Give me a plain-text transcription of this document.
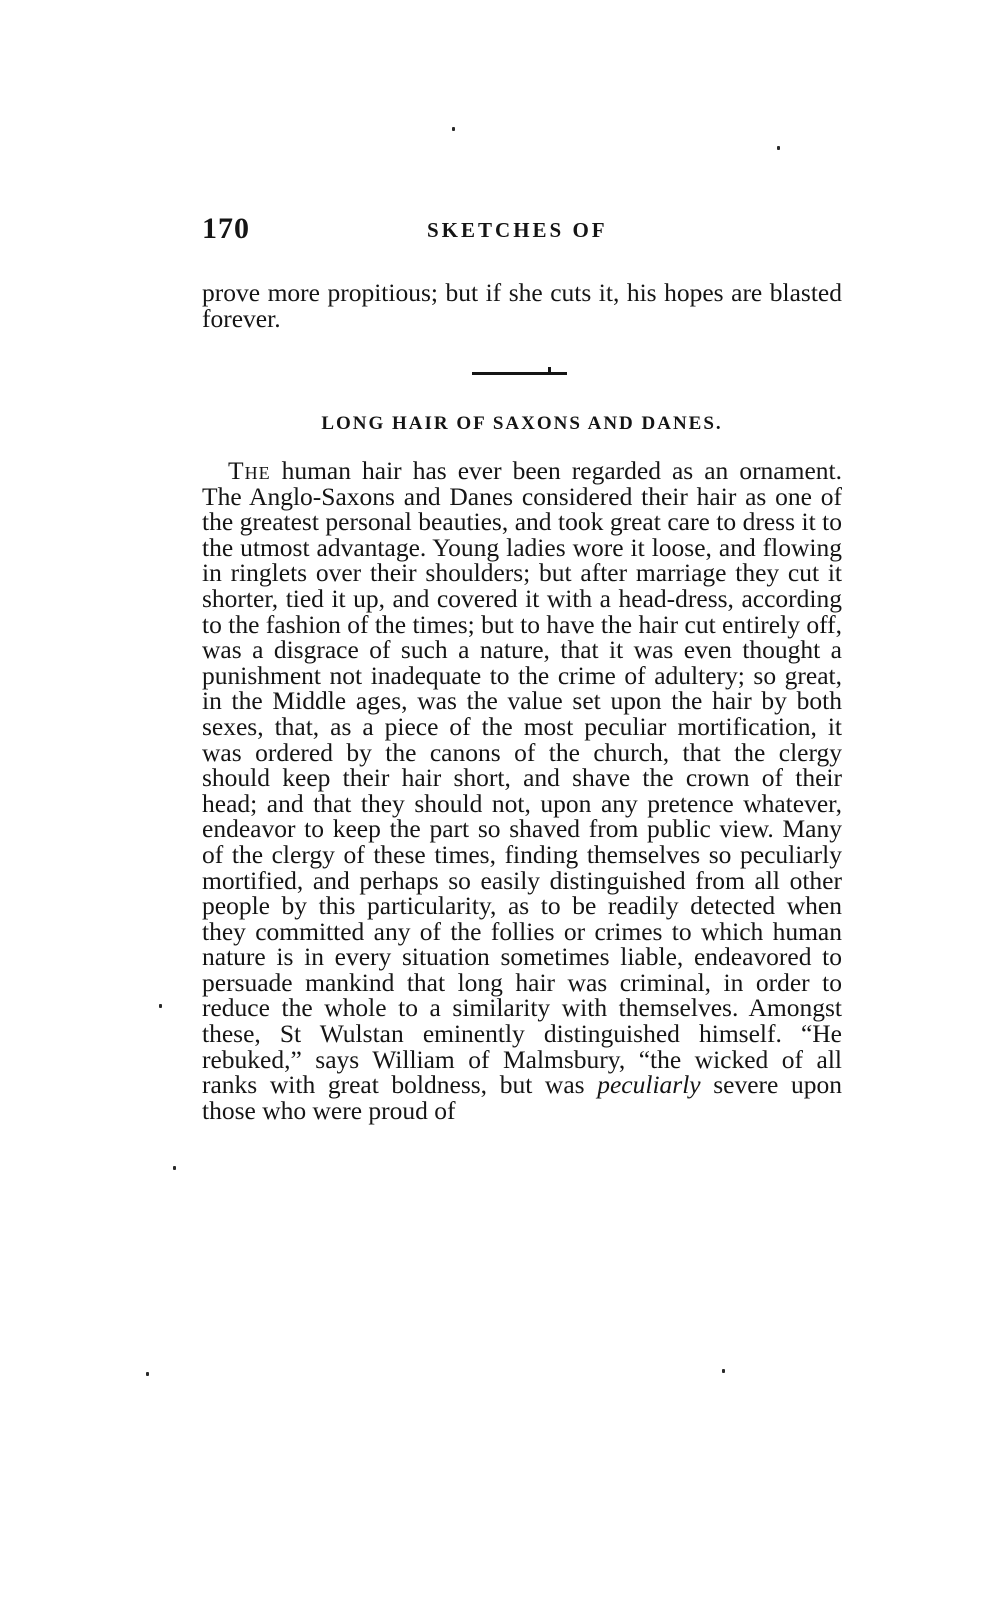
170	SKETCHES OF

prove more propitious; but if she cuts it, his hopes are blasted forever.

LONG HAIR OF SAXONS AND DANES.

The human hair has ever been regarded as an ornament. The Anglo-Saxons and Danes considered their hair as one of the greatest personal beauties, and took great care to dress it to the utmost advantage. Young ladies wore it loose, and flowing in ringlets over their shoulders; but after marriage they cut it shorter, tied it up, and covered it with a head-dress, according to the fashion of the times; but to have the hair cut entirely off, was a disgrace of such a nature, that it was even thought a punishment not inadequate to the crime of adultery; so great, in the Middle ages, was the value set upon the hair by both sexes, that, as a piece of the most peculiar mortification, it was ordered by the canons of the church, that the clergy should keep their hair short, and shave the crown of their head; and that they should not, upon any pretence whatever, endeavor to keep the part so shaved from public view. Many of the clergy of these times, finding themselves so peculiarly mortified, and perhaps so easily distinguished from all other people by this particularity, as to be readily detected when they committed any of the follies or crimes to which human nature is in every situation sometimes liable, endeavored to persuade mankind that long hair was criminal, in order to reduce the whole to a similarity with themselves. Amongst these, St Wulstan eminently distinguished himself. “He rebuked,” says William of Malmsbury, “the wicked of all ranks with great boldness, but was peculiarly severe upon those who were proud of
